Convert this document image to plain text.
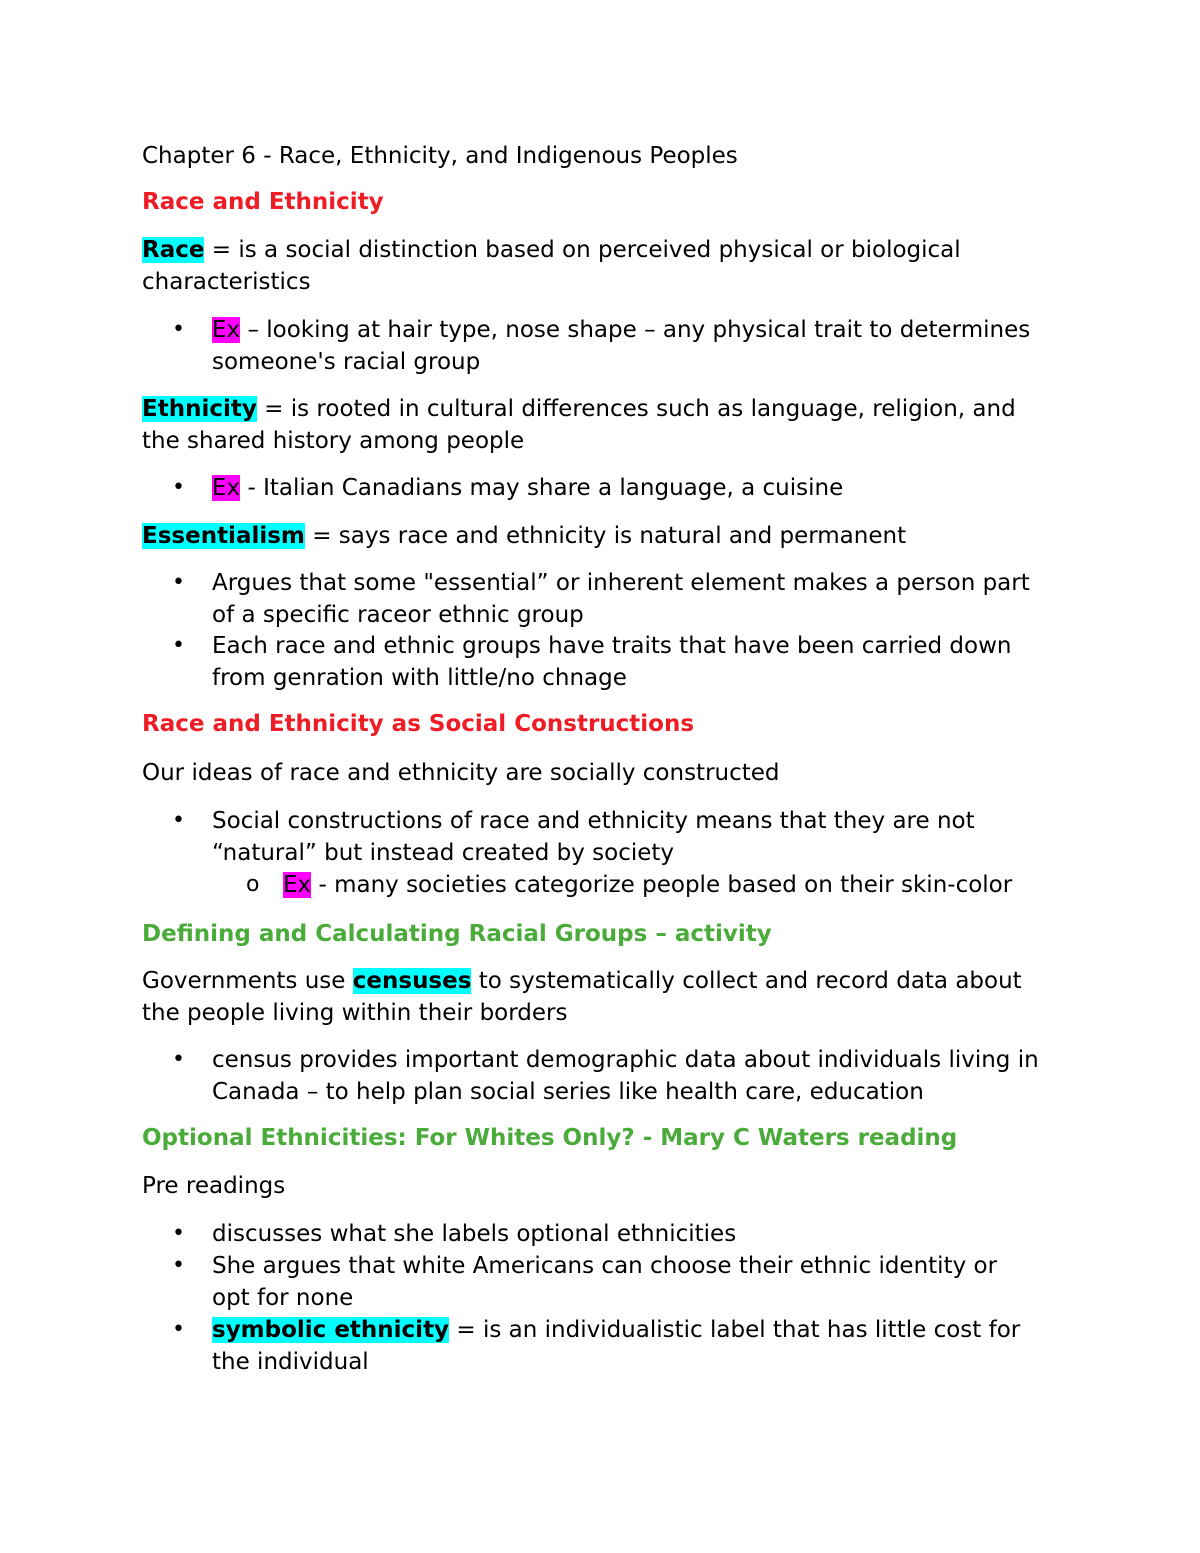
Chapter 6 - Race, Ethnicity, and Indigenous Peoples
Race and Ethnicity
Race = is a social distinction based on perceived physical or biological
characteristics
• Ex – looking at hair type, nose shape – any physical trait to determines
someone's racial group
Ethnicity = is rooted in cultural differences such as language, religion, and
the shared history among people
• Ex - Italian Canadians may share a language, a cuisine
Essentialism = says race and ethnicity is natural and permanent
• Argues that some "essential” or inherent element makes a person part
of a specific raceor ethnic group
• Each race and ethnic groups have traits that have been carried down
from genration with little/no chnage
Race and Ethnicity as Social Constructions
Our ideas of race and ethnicity are socially constructed
• Social constructions of race and ethnicity means that they are not
“natural” but instead created by society
o Ex - many societies categorize people based on their skin-color
Defining and Calculating Racial Groups – activity
Governments use censuses to systematically collect and record data about
the people living within their borders
• census provides important demographic data about individuals living in
Canada – to help plan social series like health care, education
Optional Ethnicities: For Whites Only? - Mary C Waters reading
Pre readings
• discusses what she labels optional ethnicities
• She argues that white Americans can choose their ethnic identity or
opt for none
• symbolic ethnicity = is an individualistic label that has little cost for
the individual
